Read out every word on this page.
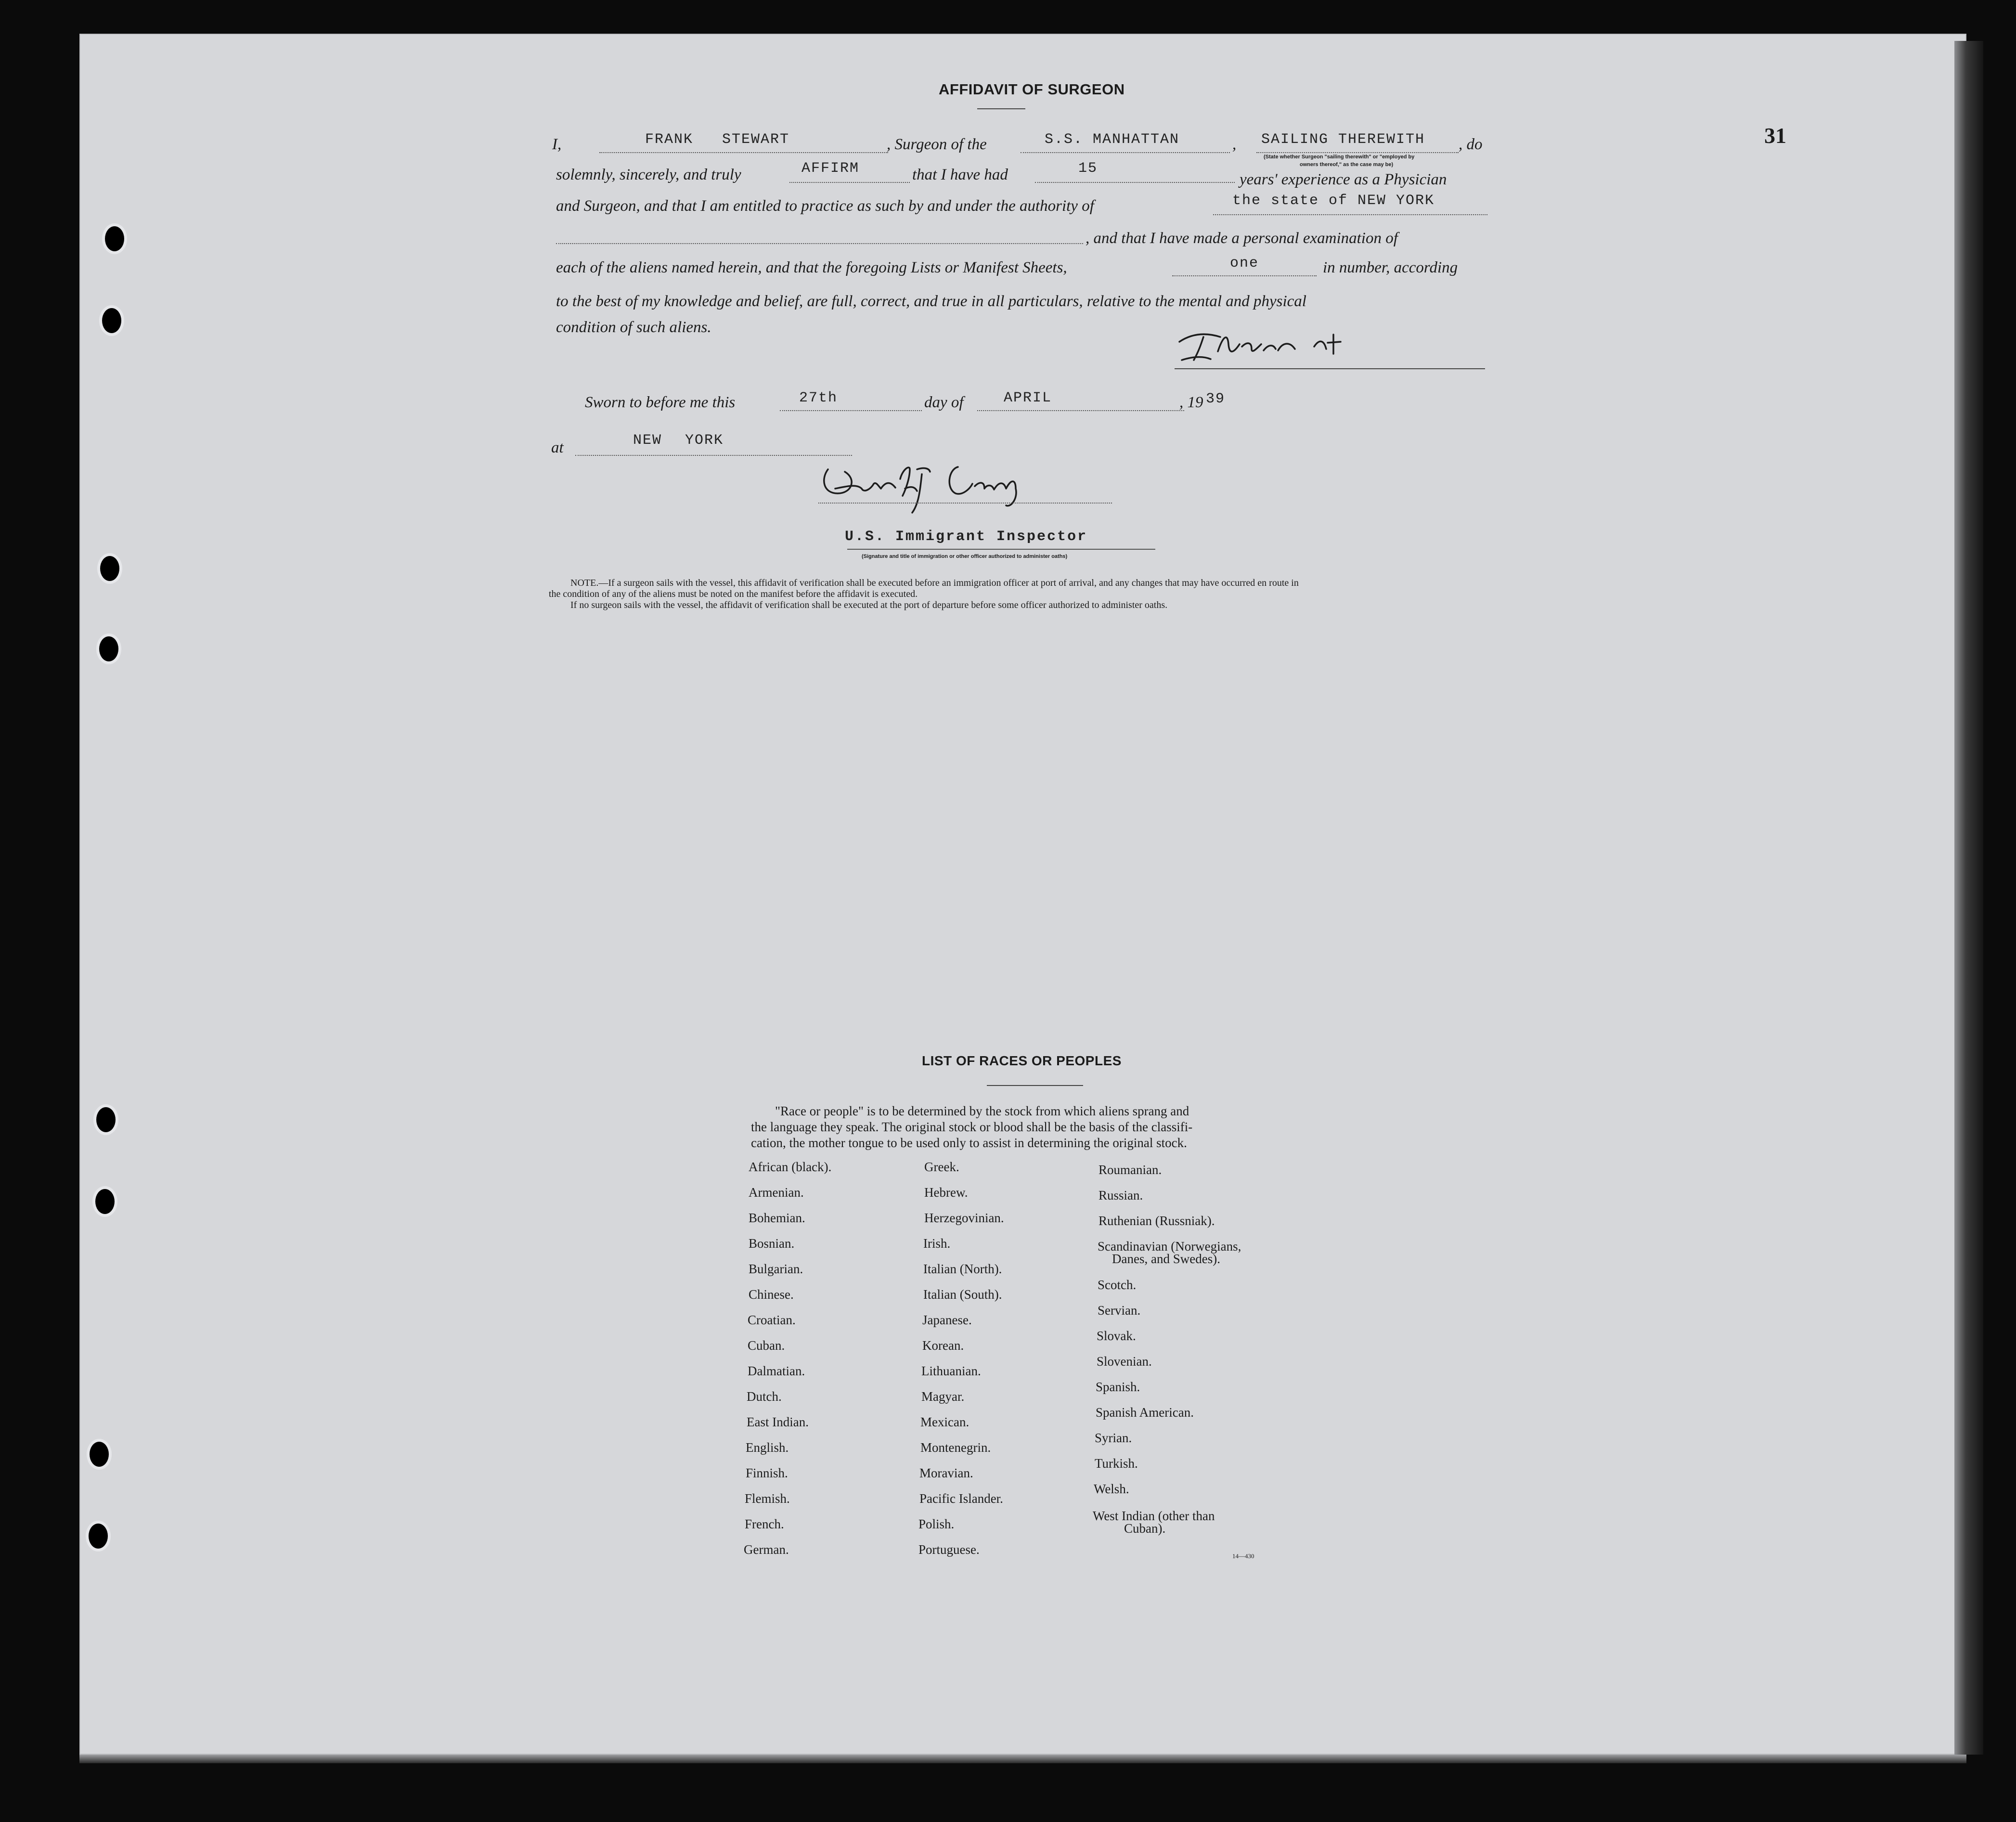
31
AFFIDAVIT OF SURGEON
I,	FRANK STEWART	, Surgeon of the	S.S. MANHATTAN	, SAILING THEREWITH , do
(State whether Surgeon "sailing therewith" or "employed by
owners thereof," as the case may be)
solemnly, sincerely, and truly	AFFIRM	that I have had	15
years' experience as a Physician
and Surgeon, and that I am entitled to practice as such by and under the authority of	the state of NEW YORK
, and that I have made a personal examination of
each of the aliens named herein, and that the foregoing Lists or Manifest Sheets,	one	in number, according
to the best of my knowledge and belief, are full, correct, and true in all particulars, relative to the mental and physical
condition of such aliens.
Sworn to before me this	27th	day of	APRIL	, 19 39
at	NEW YORK
U.S. Immigrant Inspector
(Signature and title of immigration or other officer authorized to administer oaths)
NOTE.—If a surgeon sails with the vessel, this affidavit of verification shall be executed before an immigration officer at port of arrival, and any changes that may have occurred en route in
the condition of any of the aliens must be noted on the manifest before the affidavit is executed.
If no surgeon sails with the vessel, the affidavit of verification shall be executed at the port of departure before some officer authorized to administer oaths.
LIST OF RACES OR PEOPLES
"Race or people" is to be determined by the stock from which aliens sprang and
the language they speak. The original stock or blood shall be the basis of the classifi-
cation, the mother tongue to be used only to assist in determining the original stock.
African (black).
Armenian.
Bohemian.
Bosnian.
Bulgarian.
Chinese.
Croatian.
Cuban.
Dalmatian.
Dutch.
East Indian.
English.
Finnish.
Flemish.
French.
German.
Greek.
Hebrew.
Herzegovinian.
Irish.
Italian (North).
Italian (South).
Japanese.
Korean.
Lithuanian.
Magyar.
Mexican.
Montenegrin.
Moravian.
Pacific Islander.
Polish.
Portuguese.
Roumanian.
Russian.
Ruthenian (Russniak).
Scandinavian (Norwegians,
Danes, and Swedes).
Scotch.
Servian.
Slovak.
Slovenian.
Spanish.
Spanish American.
Syrian.
Turkish.
Welsh.
West Indian (other than
Cuban).
14—430
